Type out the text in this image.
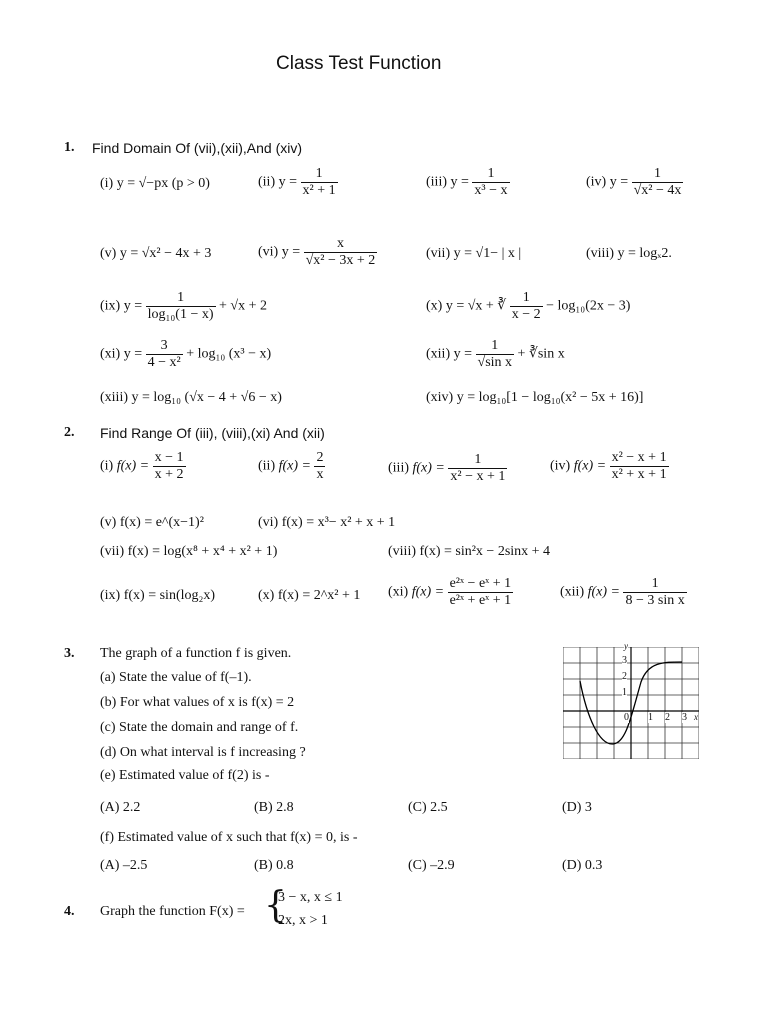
Class Test Function
1. Find Domain Of (vii),(xii),And (xiv)
(i) y = √−px (p > 0)	(ii) $y = \frac{1}{\text{x² + 1}}$	(iii) $y = \frac{1}{\text{x³ − x}}$	(iv) $y = \frac{1}{\text{√x² − 4x}}$
(v) y = √x² − 4x + 3	(vi) $y = \frac{x}{\text{√x² − 3x + 2}}$	(vii) y = √1− | x |	(viii) y = logₓ2.
(ix) $y = \frac{1}{\text{log₁₀(1 − x)}} + √x + 2$	(x) y = √x + ∛ $\frac{1}{x - 2} - \log_{10}(2x - 3)$
(xi) $y = \frac{3}{\text{4 − x²}} + \log_{10}$ (x³ − x)	(xii) $y = \frac{1}{\text{√sin x}}$ + ∛sin x
(xiii) y = log₁₀ (√x − 4 + √6 − x)	(xiv) y = log₁₀[1 − log₁₀(x² − 5x + 16)]
2. Find Range Of (iii), (viii),(xi) And (xii)
(i) $f(x) = \frac{x - 1}{x + 2}$	(ii) $f(x) = \frac{2}{x}$	(iii) $f(x) = \frac{1}{\text{x² − x + 1}}$	(iv) $f(x) = \frac{\text{x² − x + 1}}{\text{x² + x + 1}}$
(v) f(x) = e^(x−1)²	(vi) f(x) = x³− x² + x + 1
(vii) f(x) = log(x⁸ + x⁴ + x² + 1)	(viii) f(x) = sin²x − 2sinx + 4
(ix) f(x) = sin(log₂x)	(x) f(x) = 2^x² + 1 (xi) $f(x) = \frac{\text{e²ˣ − eˣ + 1}}{\text{e²ˣ + eˣ + 1}}$	(xii) $f(x) = \frac{1}{\text{8 − 3 sin x}}$
3. The graph of a function f is given.
(a) State the value of f(–1).
(b) For what values of x is f(x) = 2
(c) State the domain and range of f.
(d) On what interval is f increasing ?
(e) Estimated value of f(2) is -
(A) 2.2	(B) 2.8	(C) 2.5	(D) 3
(f) Estimated value of x such that f(x) = 0, is -
(A) –2.5	(B) 0.8	(C) –2.9	(D) 0.3
y
3
2
1
0 1 2 3 x
4. Graph the function F(x) = {
3 − x, x ≤ 1
2x, x > 1
